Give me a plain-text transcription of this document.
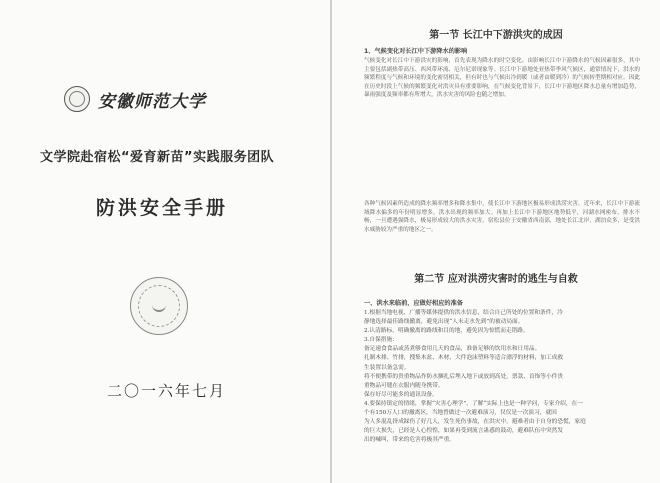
安徽师范大学
文学院赴宿松“爱育新苗”实践服务团队
防洪安全手册
二〇一六年七月
第一节 长江中下游洪灾的成因
1、气候变化对长江中下游降水的影响
气候变化对长江中下游洪灾的影响，首先表现为降水的时空变化。由影响长江中下游降水的气候因素很多，其中主要包括副热带高压、西风带环流、厄尔尼诺现象等。长江中下游地处亚热带季风气候区，通常情况下，洪水的频繁程度与气候和环境的变化密切相关，但有时也与气候出冷到暖（或者由暖到冷）的气候转型期相对应。因此在历史时段上气候的频繁变化对洪灾具有重要影响，在气候变化背景下，长江中下游地区降水总量有增加趋势，暴雨强度及频率都有所增大，洪水灾害的风险也随之增加。
各种气候因素所造成的降水频率增多和降水集中，使长江中下游地区极易形成洪涝灾害，近年来，长江中下游流域降水偏多的年份明显增多，洪水出现的频率加大。再加上长江中下游地区地势低平，河湖水网密布，排水不畅，一旦遭遇强降水，极易形成较大的洪水灾害，宿松县位于安徽省西南部，地处长江北岸，湖泊众多，是受洪水威胁较为严重的地区之一。
第二节 应对洪涝灾害时的逃生与自救
一、洪水来临前，应做好相应的准备
1.根据当地电视、广播等媒体提供的洪水信息，结合自己所处的位置和条件，冷
静地选择最佳路线撤离，避免出现“人未走水先到”的被动局面。
2.认清路标，明确撤离的路线和目的地，避免因为惊慌而走错路。
3.自保措施：
备足速食食品或蒸煮够食用几天的食品，准备足够的饮用水和日用品。
扎制木排、竹排，搜集木盆、木材、大件泡沫塑料等适合漂浮的材料，加工成救
生装置以备急需。
将不便携带的贵重物品作防水捆扎后埋入地下或放到高处，票款、首饰等小件贵
重物品可缝在衣服内随身携带。
保存好尽可能多的通讯设备。
4.要保持镇定的情绪，掌握“灾害心理学”，了解“实际上也是一种学问，专家介绍，在一
个有150万人口的撤离区，当地曾做过一次避难演习，仅仅是一次演习，就因
为人多混乱挤成踩伤了好几人，发生死伤事故，在洪灾中，避难者由于自身的恐慌，家庭
的巨大损失，已经是人心惶惶，如果再受到流言蛊惑的鼓动，避难队伍中突然发
出的喊叫，带来的危害将极其严重。
